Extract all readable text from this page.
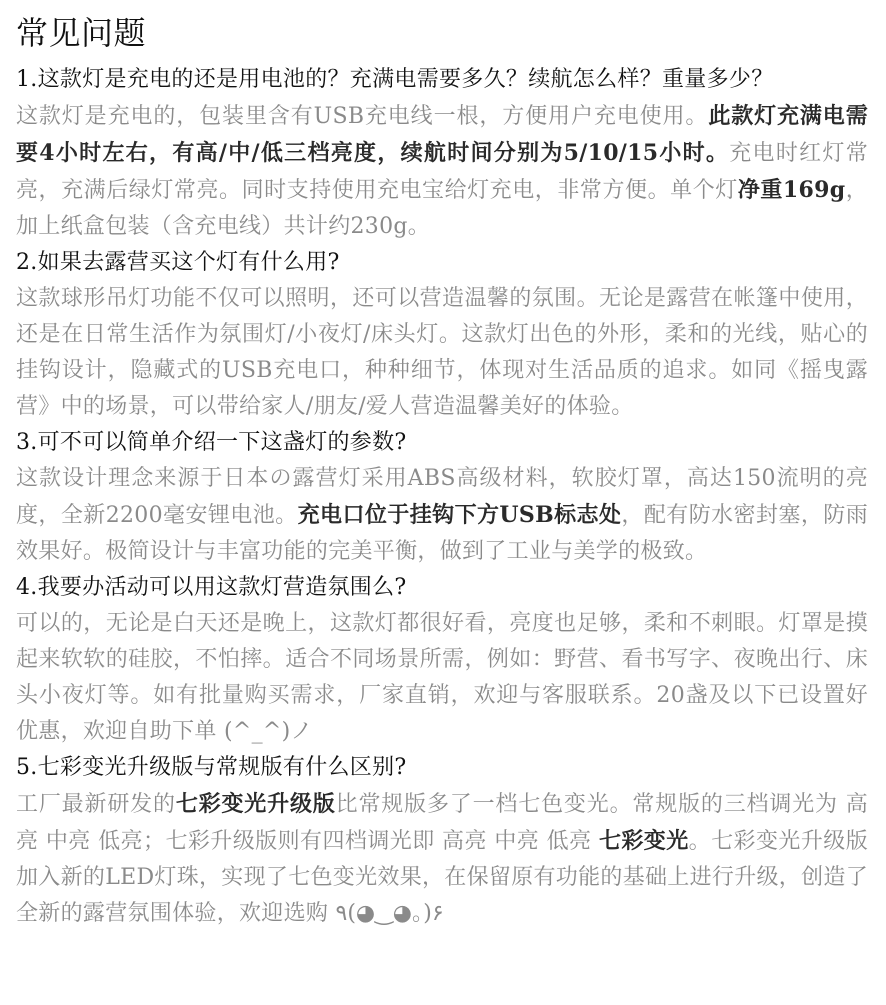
常见问题

1.这款灯是充电的还是用电池的？充满电需要多久？续航怎么样？重量多少？

这款灯是充电的，包装里含有USB充电线一根，方便用户充电使用。此款灯充满电需要4小时左右，有高/中/低三档亮度，续航时间分别为5/10/15小时。充电时红灯常亮，充满后绿灯常亮。同时支持使用充电宝给灯充电，非常方便。单个灯净重169g，加上纸盒包装（含充电线）共计约230g。

2.如果去露营买这个灯有什么用?

这款球形吊灯功能不仅可以照明，还可以营造温馨的氛围。无论是露营在帐篷中使用，还是在日常生活作为氛围灯/小夜灯/床头灯。这款灯出色的外形，柔和的光线，贴心的挂钩设计，隐藏式的USB充电口，种种细节，体现对生活品质的追求。如同《摇曳露营》中的场景，可以带给家人/朋友/爱人营造温馨美好的体验。

3.可不可以简单介绍一下这盏灯的参数?

这款设计理念来源于日本の露营灯采用ABS高级材料，软胶灯罩，高达150流明的亮度，全新2200毫安锂电池。充电口位于挂钩下方USB标志处，配有防水密封塞，防雨效果好。极简设计与丰富功能的完美平衡，做到了工业与美学的极致。

4.我要办活动可以用这款灯营造氛围么?

可以的，无论是白天还是晚上，这款灯都很好看，亮度也足够，柔和不刺眼。灯罩是摸起来软软的硅胶，不怕摔。适合不同场景所需，例如：野营、看书写字、夜晚出行、床头小夜灯等。如有批量购买需求，厂家直销，欢迎与客服联系。20盏及以下已设置好优惠，欢迎自助下单 (^_^)ノ

5.七彩变光升级版与常规版有什么区别?

工厂最新研发的七彩变光升级版比常规版多了一档七色变光。常规版的三档调光为 高亮 中亮 低亮；七彩升级版则有四档调光即 高亮 中亮 低亮 七彩变光。七彩变光升级版加入新的LED灯珠，实现了七色变光效果，在保留原有功能的基础上进行升级，创造了全新的露营氛围体验，欢迎选购 ٩(◕‿◕｡)۶
